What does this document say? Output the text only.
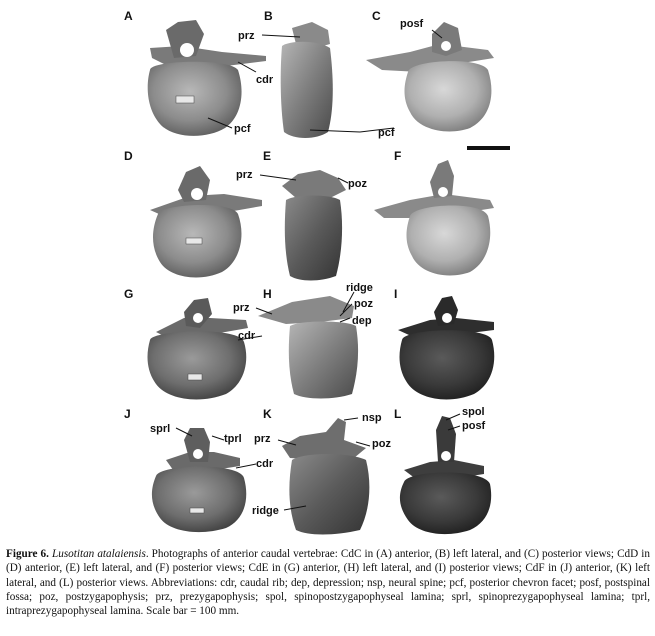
A	B	C
D	E	F
G	H	I
J	K	L
prz
cdr
pcf	pcf
posf
prz
poz
cdr
prz
ridge
poz
dep
sprl
tprl
cdr
nsp
prz	poz
ridge
spol
posf
Figure 6. Lusotitan atalaiensis. Photographs of anterior caudal vertebrae: CdC in (A) anterior, (B) left lateral, and (C) posterior views; CdD in (D) anterior, (E) left lateral, and (F) posterior views; CdE in (G) anterior, (H) left lateral, and (I) posterior views; CdF in (J) anterior, (K) left lateral, and (L) posterior views. Abbreviations: cdr, caudal rib; dep, depression; nsp, neural spine; pcf, posterior chevron facet; posf, postspinal fossa; poz, postzygapophysis; prz, prezygapophysis; spol, spinopostzygapophyseal lamina; sprl, spinoprezygapophyseal lamina; tprl, intraprezygapophyseal lamina. Scale bar = 100 mm.
